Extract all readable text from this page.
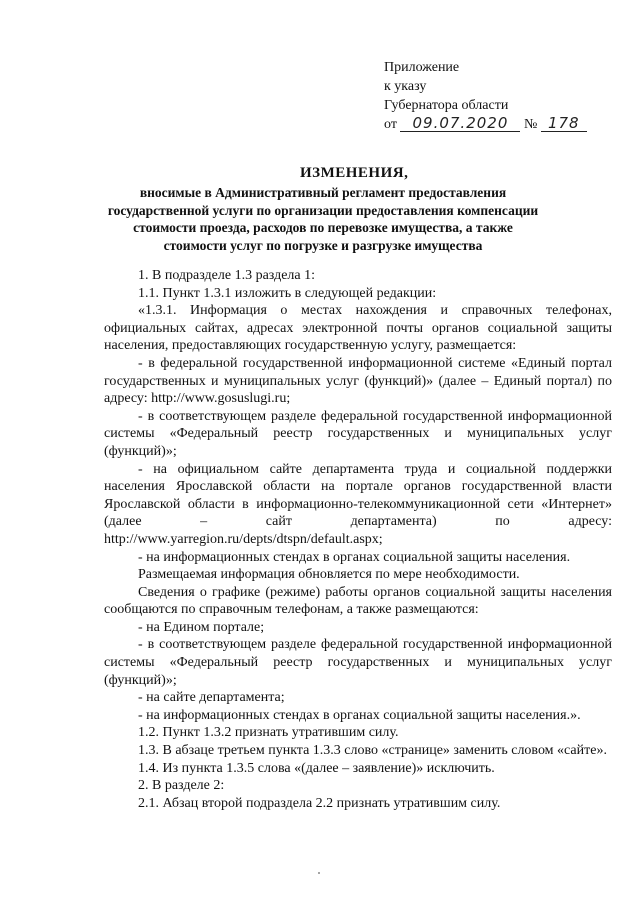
Приложение
к указу
Губернатора области
от 09.07.2020 № 178
ИЗМЕНЕНИЯ,
вносимые в Административный регламент предоставления государственной услуги по организации предоставления компенсации стоимости проезда, расходов по перевозке имущества, а также стоимости услуг по погрузке и разгрузке имущества

1. В подразделе 1.3 раздела 1:

1.1. Пункт 1.3.1 изложить в следующей редакции:

«1.3.1. Информация о местах нахождения и справочных телефонах, официальных сайтах, адресах электронной почты органов социальной защиты населения, предоставляющих государственную услугу, размещается:

- в федеральной государственной информационной системе «Единый портал государственных и муниципальных услуг (функций)» (далее – Единый портал) по адресу: http://www.gosuslugi.ru;

- в соответствующем разделе федеральной государственной информационной системы «Федеральный реестр государственных и муниципальных услуг (функций)»;

- на официальном сайте департамента труда и социальной поддержки населения Ярославской области на портале органов государственной власти Ярославской области в информационно-телекоммуникационной сети «Интернет» (далее – сайт департамента) по адресу: http://www.yarregion.ru/depts/dtspn/default.aspx;

- на информационных стендах в органах социальной защиты населения.

Размещаемая информация обновляется по мере необходимости.

Сведения о графике (режиме) работы органов социальной защиты населения сообщаются по справочным телефонам, а также размещаются:

- на Едином портале;

- в соответствующем разделе федеральной государственной информационной системы «Федеральный реестр государственных и муниципальных услуг (функций)»;

- на сайте департамента;

- на информационных стендах в органах социальной защиты населения.».

1.2. Пункт 1.3.2 признать утратившим силу.

1.3. В абзаце третьем пункта 1.3.3 слово «странице» заменить словом «сайте».

1.4. Из пункта 1.3.5 слова «(далее – заявление)» исключить.

2. В разделе 2:

2.1. Абзац второй подраздела 2.2 признать утратившим силу.
